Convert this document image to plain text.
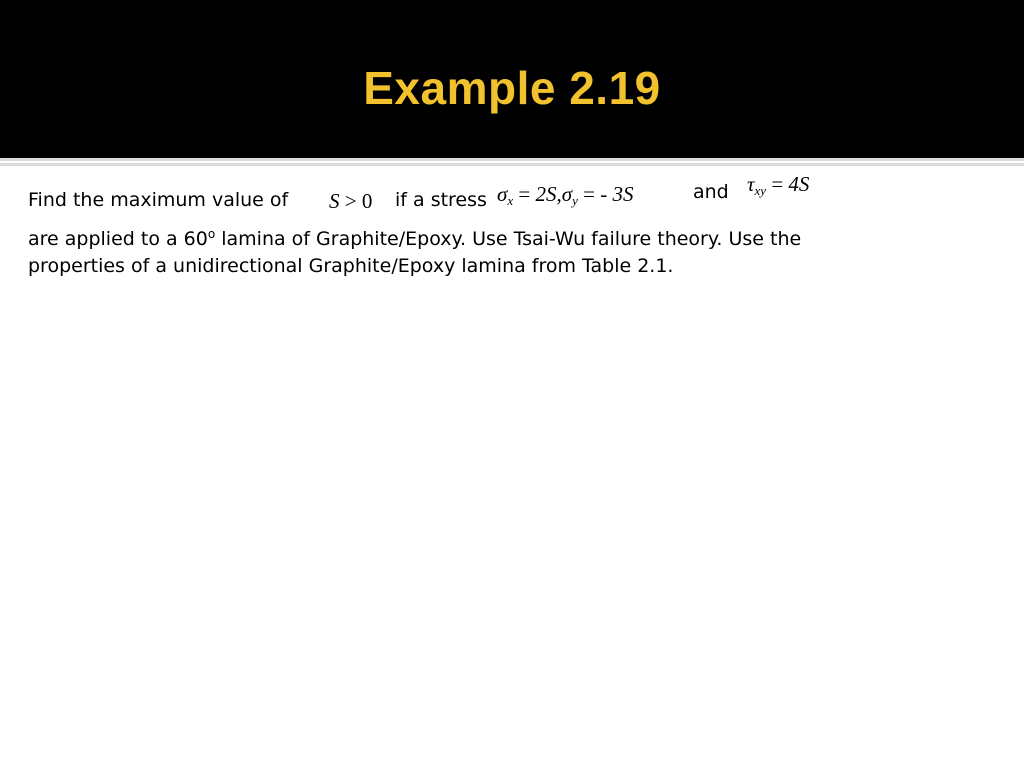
Example 2.19
Find the maximum value of S > 0 if a stress $\sigma_x = 2S,\sigma_y$ = - 3S	and $\tau_{xy} = 4S$
are applied to a 60$^o$ lamina of Graphite/Epoxy. Use Tsai-Wu failure theory. Use the
properties of a unidirectional Graphite/Epoxy lamina from Table 2.1.
